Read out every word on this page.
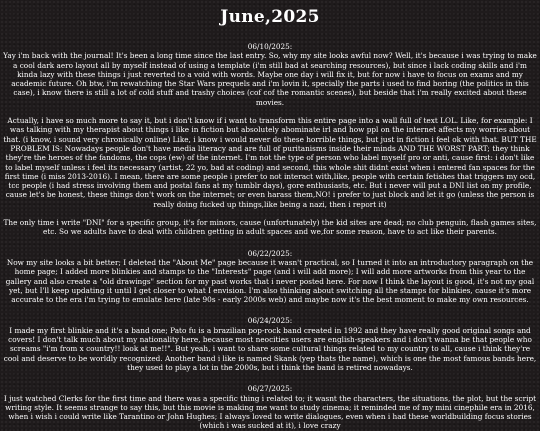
June,2025
06/10/2025:

Yay i'm back with the journal! It's been a long time since the last entry. So, why my site looks awful now? Well, it's because i was trying to make a cool dark aero layout all by myself instead of using a template (i'm still bad at searching resources), but since i lack coding skills and i'm kinda lazy with these things i just reverted to a void with words. Maybe one day i will fix it, but for now i have to focus on exams and my academic future. Oh btw, i'm rewatching the Star Wars prequels and i'm lovin it, specially the parts i used to find boring (the politics in this case), i know there is still a lot of cold stuff and trashy choices (cof cof the romantic scenes), but beside that i'm really excited about these movies.

Actually, i have so much more to say it, but i don't know if i want to transform this entire page into a wall full of text LOL. Like, for example: I was talking with my therapist about things i like in fiction but absolutely abominate irl and how ppl on the internet affects my worries about that. (i know, i sound very chronically online) Like, i know i would never do these horrible things, but just in fiction i feel ok with that. BUT THE PROBLEM IS: Nowadays people don't have media literacy and are full of puritanisms inside their minds AND THE WORST PART; they think they're the heroes of the fandoms, the cops (ew) of the internet. I'm not the type of person who label myself pro or anti, cause first: i don't like to label myself unless i feel its necessary (artist, 22 yo, bad at coding) and second, this whole shit didnt exist when i entered fan spaces for the first time (i miss 2013-2016). I mean, there are some people i prefer to not interact with,like, people with certain fetishes that triggers my ocd, tcc people (i had stress involving them and postal fans at my tumblr days), gore enthusiasts, etc. But i never will put a DNI list on my profile, cause let's be honest, these things don't work on the internet; or even harass them,NO! i prefer to just block and let it go (unless the person is really doing fucked up things,like being a nazi, then i report it)

The only time i write "DNI" for a specific group, it's for minors, cause (unfortunately) the kid sites are dead; no club penguin, flash games sites, etc. So we adults have to deal with children getting in adult spaces and we,for some reason, have to act like their parents.

06/22/2025:

Now my site looks a bit better; I deleted the "About Me" page because it wasn't practical, so I turned it into an introductory paragraph on the home page; I added more blinkies and stamps to the "Interests" page (and i will add more); I will add more artworks from this year to the gallery and also create a "old drawings" section for my past works that i never posted here. For now I think the layout is good, it's not my goal yet, but I'll keep updating it until I get closer to what I envision. I'm also thinking about switching all the stamps for blinkies, cause it's more accurate to the era i'm trying to emulate here (late 90s - early 2000s web) and maybe now it's the best moment to make my own resources.

06/24/2025:

I made my first blinkie and it's a band one; Pato fu is a brazilian pop-rock band created in 1992 and they have really good original songs and covers! I don't talk much about my nationality here, because most neocities users are english-speakers and i don't wanna be that people who screams "i'm from x country!! look at me!!". But yeah, i want to share some cultural things related to my country to all, cause i think they're cool and deserve to be worldly recognized. Another band i like is named Skank (yep thats the name), which is one the most famous bands here, they used to play a lot in the 2000s, but i think the band is retired nowadays.

06/27/2025:

I just watched Clerks for the first time and there was a specific thing i related to; it wasnt the characters, the situations, the plot, but the script writing style. It seems strange to say this, but this movie is making me want to study cinema; it reminded me of my mini cinephile era in 2016, when i wish i could write like Tarantino or John Hughes; I always loved to write dialogues, even when i had these worldbuilding focus stories (which i was sucked at it), i love crazy
